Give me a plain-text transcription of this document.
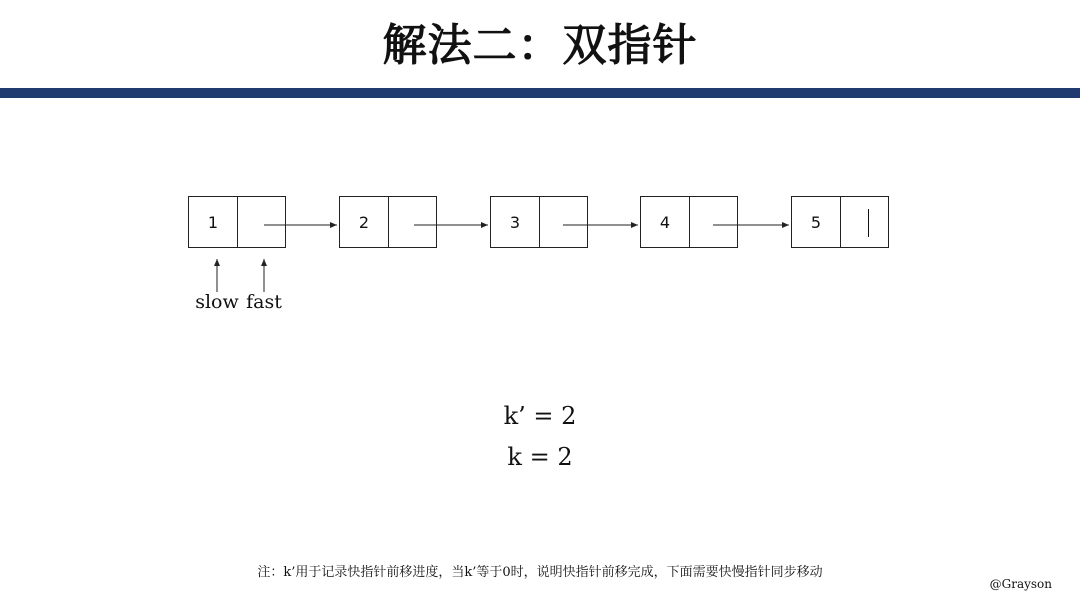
解法二：双指针
1	2	3	4	5
slow fast
k’ = 2
k = 2
注：k’用于记录快指针前移进度，当k’等于0时，说明快指针前移完成，下面需要快慢指针同步移动
@Grayson
